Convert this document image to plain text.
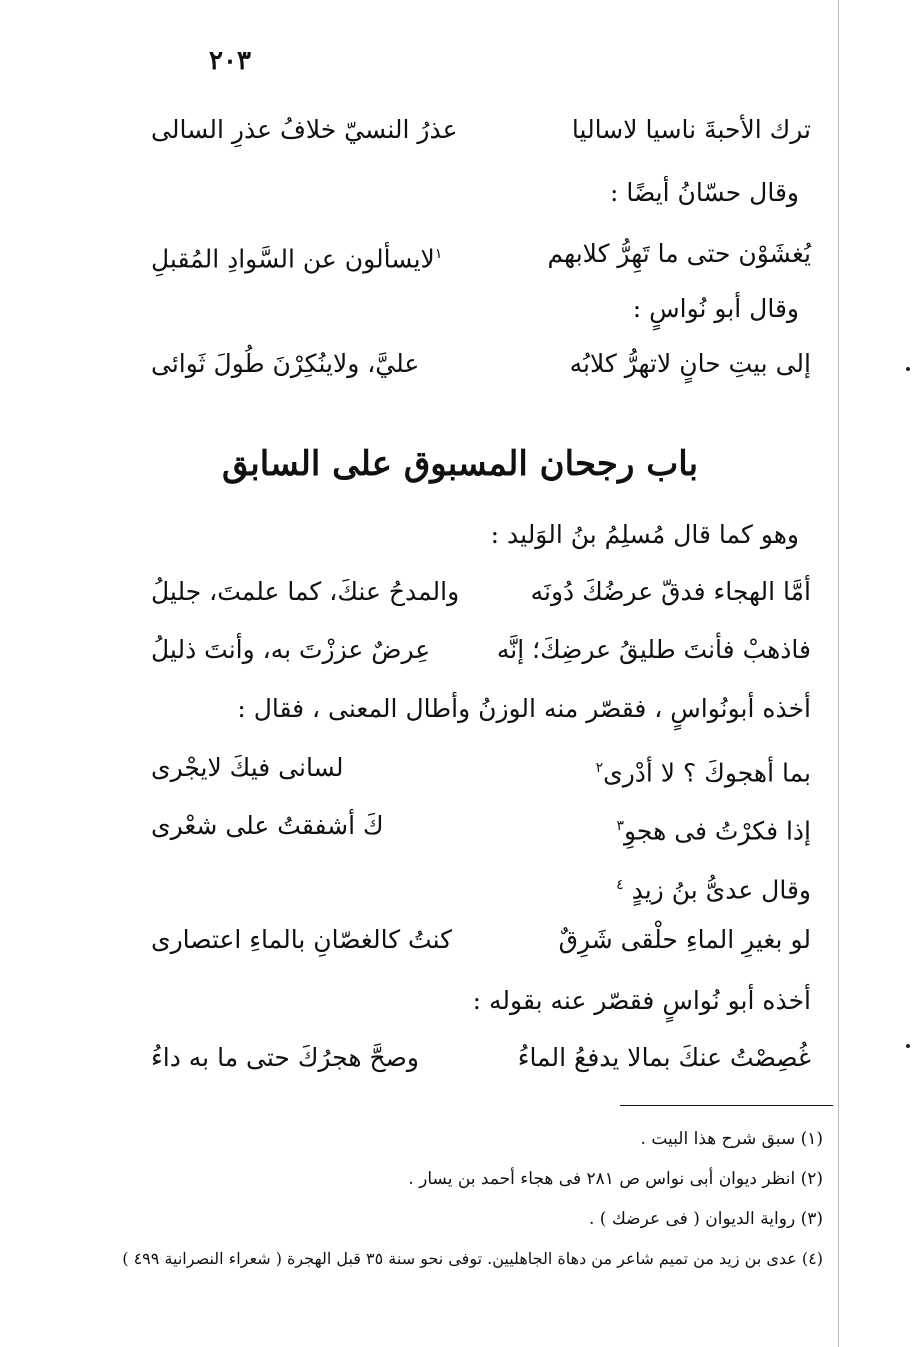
٢٠٣
ترك الأحبةَ ناسيا لاساليا
عذرُ النسيّ خلافُ عذرِ السالى
وقال حسّانُ أيضًا :
يُغشَوْن حتى ما تَهِرُّ كلابهم
$^١$لايسألون عن السَّوادِ المُقبلِ
وقال أبو نُواسٍ :
إلى بيتِ حانٍ لاتهرُّ كلابُه
عليَّ، ولاينُكِرْنَ طُولَ ثَوائى
باب رجحان المسبوق على السابق
وهو كما قال مُسلِمُ بنُ الوَليد :
أمَّا الهجاء فدقّ عرضُكَ دُونَه
والمدحُ عنكَ، كما علمتَ، جليلُ
فاذهبْ فأنتَ طليقُ عرضِكَ؛ إنَّه
عِرضٌ عززْتَ به، وأنتَ ذليلُ
أخذه أبونُواسٍ ، فقصّر منه الوزنُ وأطال المعنى ، فقال :
بما أهجوكَ ؟ لا أدْرى$^٢$
لسانى فيكَ لايجْرى
إذا فكرْتُ فى هجوِ$^٣$
كَ أشفقتُ على شعْرى
وقال عدىُّ بنُ زيدٍ $^٤$
لو بغيرِ الماءِ حلْقى شَرِقٌ
كنتُ كالغصّانِ بالماءِ اعتصارى
أخذه أبو نُواسٍ فقصّر عنه بقوله :
غُصِصْتُ عنكَ بمالا يدفعُ الماءُ
وصحَّ هجرُكَ حتى ما به داءُ
(١) سبق شرح هذا البيت .
(٢) انظر ديوان أبى نواس ص ٢٨١ فى هجاء أحمد بن يسار .
(٣) رواية الديوان ( فى عرضك ) .
(٤) عدى بن زيد من تميم شاعر من دهاة الجاهليين. توفى نحو سنة ٣٥ قبل الهجرة ( شعراء النصرانية ٤٩٩ )
